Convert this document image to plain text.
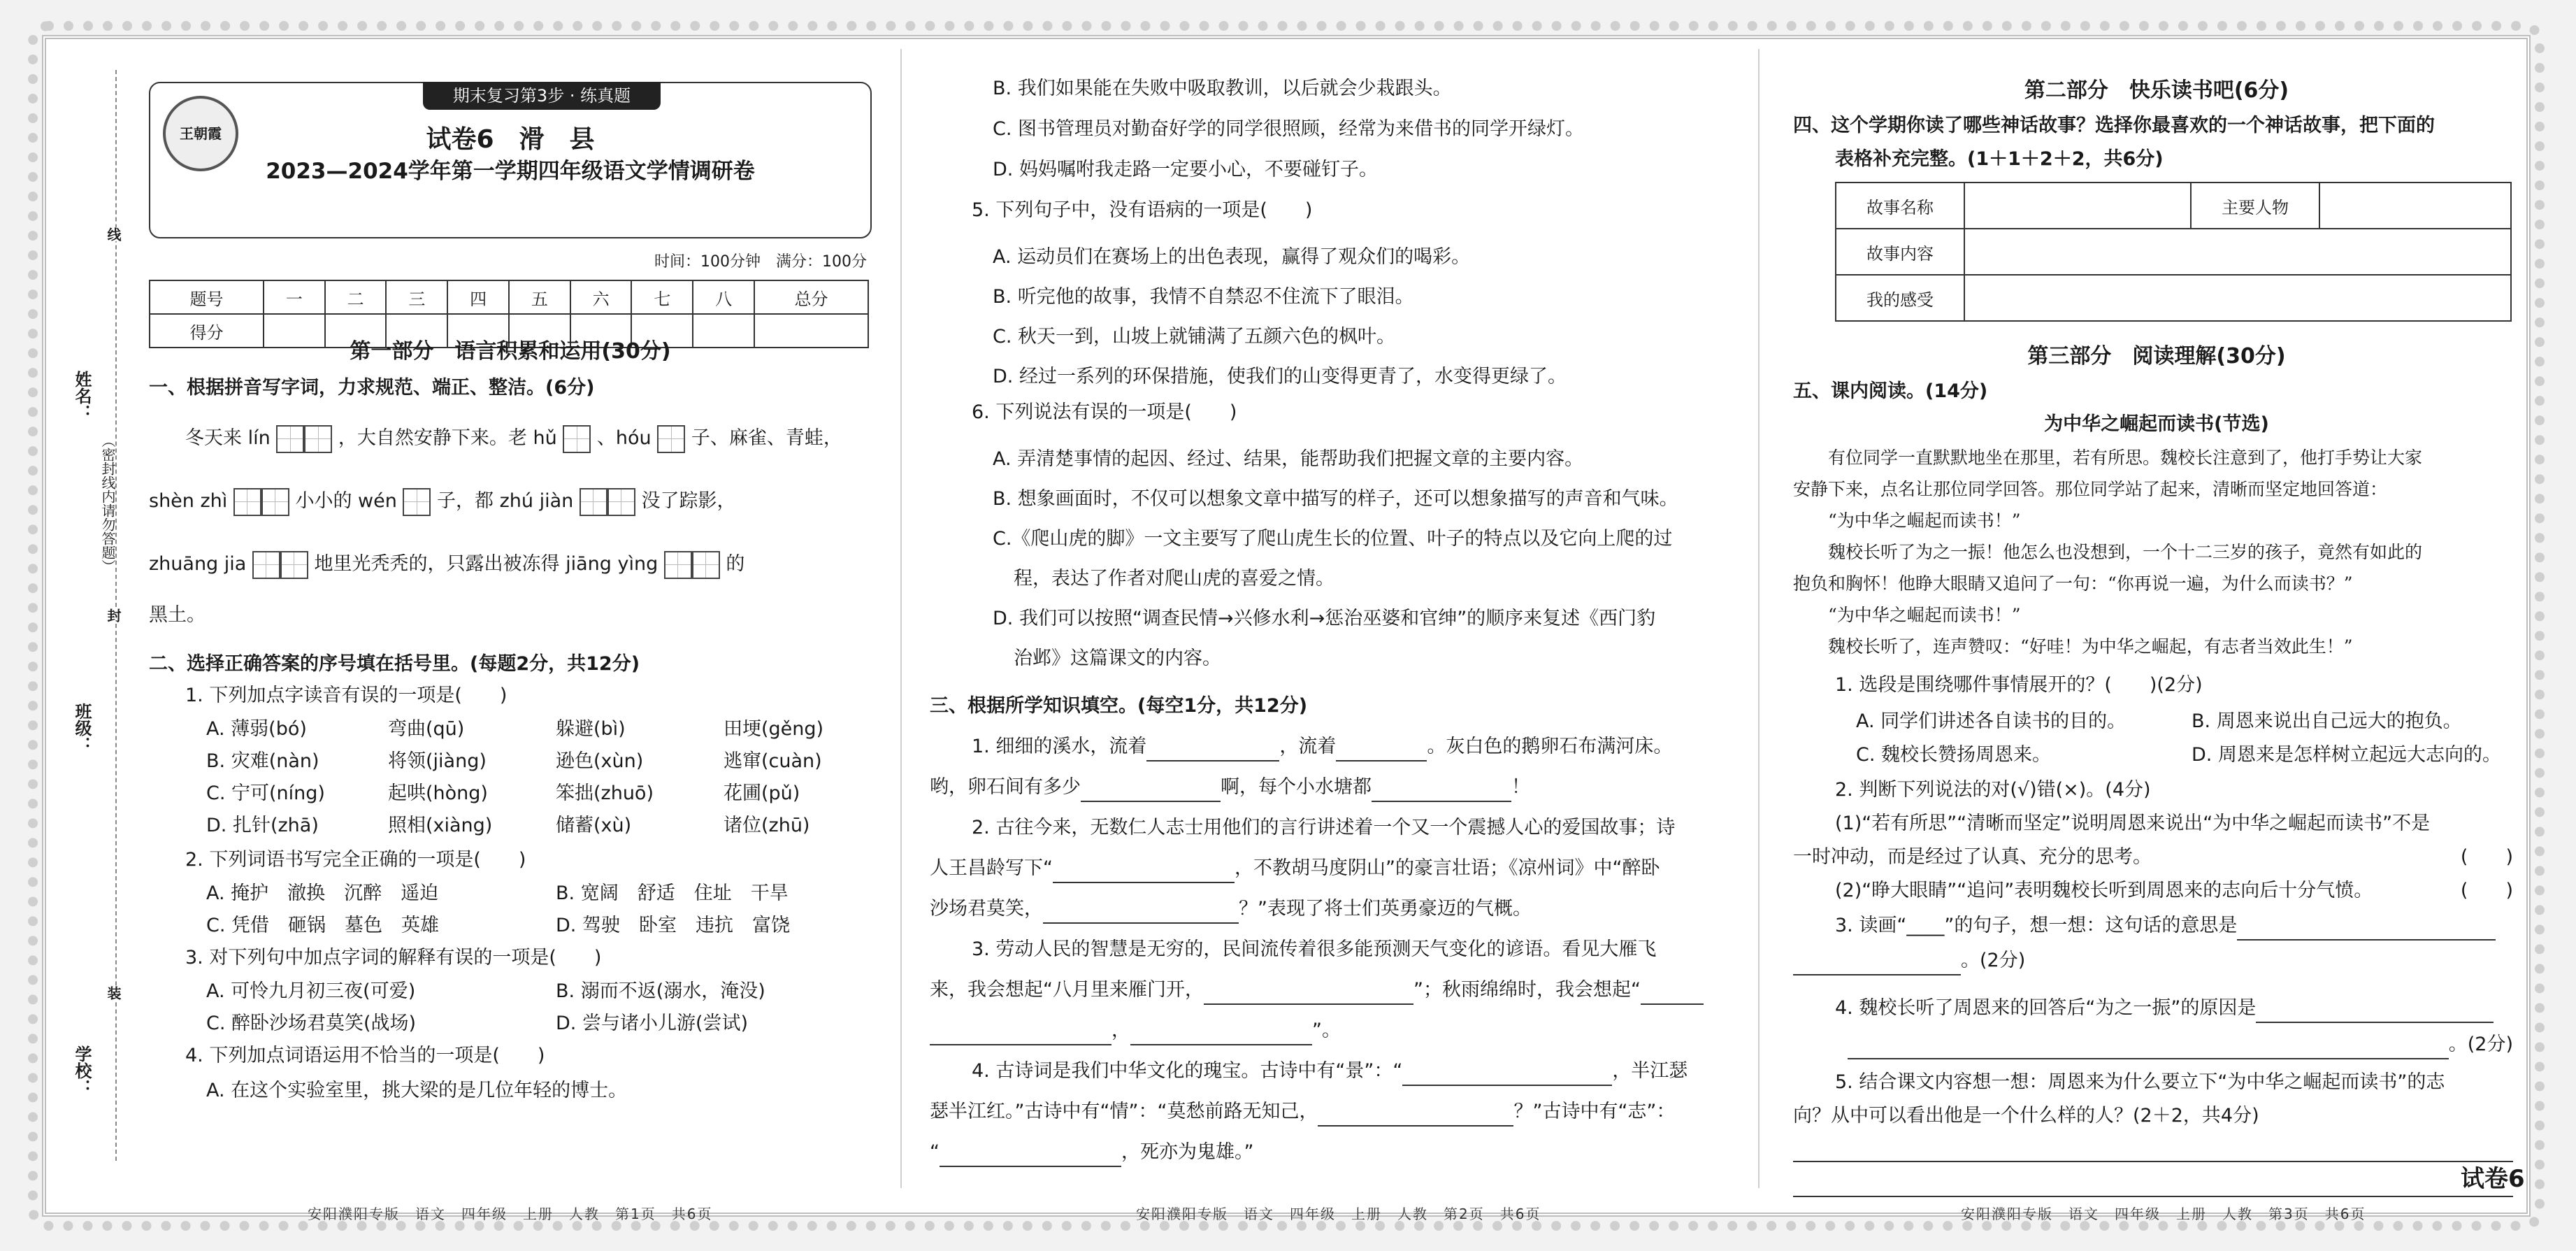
线
姓名：
（密封线内请勿答题）
封
班级：
装
学校：
期末复习第3步 · 练真题
王朝霞	试卷6　滑　县
2023—2024学年第一学期四年级语文学情调研卷
时间：100分钟　满分：100分
题号	一	二	三	四	五	六	七	八	总分
得分									
第一部分　语言积累和运用(30分)
一、根据拼音写字词，力求规范、端正、整洁。(6分)
冬天来 lín	，大自然安静下来。老 hǔ 、hóu 子、麻雀、青蛙，
shèn zhì	小小的 wén 子，都 zhú jiàn	没了踪影，
zhuāng jia	地里光秃秃的，只露出被冻得 jiāng yìng	的
黑土。
二、选择正确答案的序号填在括号里。(每题2分，共12分)
1. 下列加点字读音有误的一项是(　　)
A. 薄弱(bó)	弯曲(qū)	躲避(bì)	田埂(gěng)
B. 灾难(nàn)	将领(jiàng)	逊色(xùn)	逃窜(cuàn)
C. 宁可(níng)	起哄(hòng)	笨拙(zhuō)	花圃(pǔ)
D. 扎针(zhā)	照相(xiàng)	储蓄(xù)	诸位(zhū)
2. 下列词语书写完全正确的一项是(　　)
A. 掩护　澈换　沉醉　遥迫	B. 宽阔　舒适　住址　干旱
C. 凭借　砸锅　墓色　英雄	D. 驾驶　卧室　违抗　富饶
3. 对下列句中加点字词的解释有误的一项是(　　)
A. 可怜九月初三夜(可爱)	B. 溺而不返(溺水，淹没)
C. 醉卧沙场君莫笑(战场)	D. 尝与诸小儿游(尝试)
4. 下列加点词语运用不恰当的一项是(　　)
A. 在这个实验室里，挑大梁的是几位年轻的博士。
安阳濮阳专版　语文　四年级　上册　人教　第1页　共6页
B. 我们如果能在失败中吸取教训，以后就会少栽跟头。
C. 图书管理员对勤奋好学的同学很照顾，经常为来借书的同学开绿灯。
D. 妈妈嘱咐我走路一定要小心，不要碰钉子。
5. 下列句子中，没有语病的一项是(　　)
A. 运动员们在赛场上的出色表现，赢得了观众们的喝彩。
B. 听完他的故事，我情不自禁忍不住流下了眼泪。
C. 秋天一到，山坡上就铺满了五颜六色的枫叶。
D. 经过一系列的环保措施，使我们的山变得更青了，水变得更绿了。
6. 下列说法有误的一项是(　　)
A. 弄清楚事情的起因、经过、结果，能帮助我们把握文章的主要内容。
B. 想象画面时，不仅可以想象文章中描写的样子，还可以想象描写的声音和气味。
C.《爬山虎的脚》一文主要写了爬山虎生长的位置、叶子的特点以及它向上爬的过
程，表达了作者对爬山虎的喜爱之情。
D. 我们可以按照“调查民情→兴修水利→惩治巫婆和官绅”的顺序来复述《西门豹
治邺》这篇课文的内容。
三、根据所学知识填空。(每空1分，共12分)
1. 细细的溪水，流着	，流着	。灰白色的鹅卵石布满河床。
哟，卵石间有多少	啊，每个小水塘都	！
2. 古往今来，无数仁人志士用他们的言行讲述着一个又一个震撼人心的爱国故事；诗
人王昌龄写下“	，不教胡马度阴山”的豪言壮语；《凉州词》中“醉卧
沙场君莫笑，	？”表现了将士们英勇豪迈的气概。
3. 劳动人民的智慧是无穷的，民间流传着很多能预测天气变化的谚语。看见大雁飞
来，我会想起“八月里来雁门开，	”；秋雨绵绵时，我会想起“
，	”。
4. 古诗词是我们中华文化的瑰宝。古诗中有“景”：“	，半江瑟
瑟半江红。”古诗中有“情”：“莫愁前路无知己，	？”古诗中有“志”：
“	，死亦为鬼雄。”
安阳濮阳专版　语文　四年级　上册　人教　第2页　共6页
第二部分　快乐读书吧(6分)
四、这个学期你读了哪些神话故事？选择你最喜欢的一个神话故事，把下面的
表格补充完整。(1＋1＋2＋2，共6分)
故事名称		主要人物	
故事内容			
我的感受			
第三部分　阅读理解(30分)
五、课内阅读。(14分)
为中华之崛起而读书(节选)
　　有位同学一直默默地坐在那里，若有所思。魏校长注意到了，他打手势让大家
安静下来，点名让那位同学回答。那位同学站了起来，清晰而坚定地回答道：
　　“为中华之崛起而读书！”
　　魏校长听了为之一振！他怎么也没想到，一个十二三岁的孩子，竟然有如此的
抱负和胸怀！他睁大眼睛又追问了一句：“你再说一遍，为什么而读书？”
　　“为中华之崛起而读书！”
　　魏校长听了，连声赞叹：“好哇！为中华之崛起，有志者当效此生！”
1. 选段是围绕哪件事情展开的？(　　)(2分)
A. 同学们讲述各自读书的目的。	B. 周恩来说出自己远大的抱负。
C. 魏校长赞扬周恩来。	D. 周恩来是怎样树立起远大志向的。
2. 判断下列说法的对(√)错(×)。(4分)
(1)“若有所思”“清晰而坚定”说明周恩来说出“为中华之崛起而读书”不是
一时冲动，而是经过了认真、充分的思考。	(　　)
(2)“睁大眼睛”“追问”表明魏校长听到周恩来的志向后十分气愤。	(　　)
3. 读画“____”的句子，想一想：这句话的意思是
。(2分)
4. 魏校长听了周恩来的回答后“为之一振”的原因是
。(2分)
5. 结合课文内容想一想：周恩来为什么要立下“为中华之崛起而读书”的志
向？从中可以看出他是一个什么样的人？(2＋2，共4分)
安阳濮阳专版　语文　四年级　上册　人教　第3页　共6页
试卷6
